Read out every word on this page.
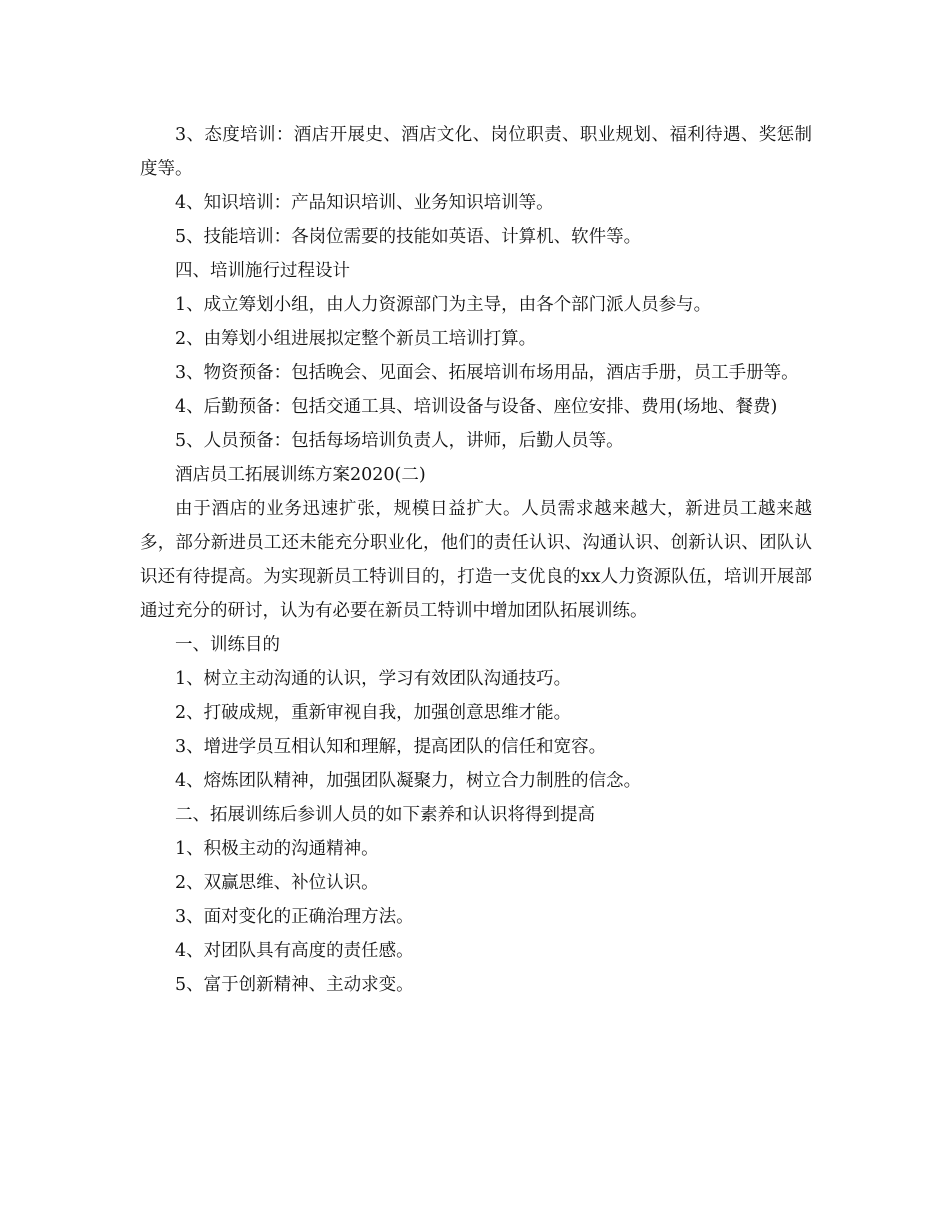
3、态度培训：酒店开展史、酒店文化、岗位职责、职业规划、福利待遇、奖惩制度等。

4、知识培训：产品知识培训、业务知识培训等。

5、技能培训：各岗位需要的技能如英语、计算机、软件等。

四、培训施行过程设计

1、成立筹划小组，由人力资源部门为主导，由各个部门派人员参与。

2、由筹划小组进展拟定整个新员工培训打算。

3、物资预备：包括晚会、见面会、拓展培训布场用品，酒店手册，员工手册等。

4、后勤预备：包括交通工具、培训设备与设备、座位安排、费用(场地、餐费)

5、人员预备：包括每场培训负责人，讲师，后勤人员等。

酒店员工拓展训练方案2020(二)

由于酒店的业务迅速扩张，规模日益扩大。人员需求越来越大，新进员工越来越多，部分新进员工还未能充分职业化，他们的责任认识、沟通认识、创新认识、团队认识还有待提高。为实现新员工特训目的，打造一支优良的xx人力资源队伍，培训开展部通过充分的研讨，认为有必要在新员工特训中增加团队拓展训练。

一、训练目的

1、树立主动沟通的认识，学习有效团队沟通技巧。

2、打破成规，重新审视自我，加强创意思维才能。

3、增进学员互相认知和理解，提高团队的信任和宽容。

4、熔炼团队精神，加强团队凝聚力，树立合力制胜的信念。

二、拓展训练后参训人员的如下素养和认识将得到提高

1、积极主动的沟通精神。

2、双赢思维、补位认识。

3、面对变化的正确治理方法。

4、对团队具有高度的责任感。

5、富于创新精神、主动求变。
